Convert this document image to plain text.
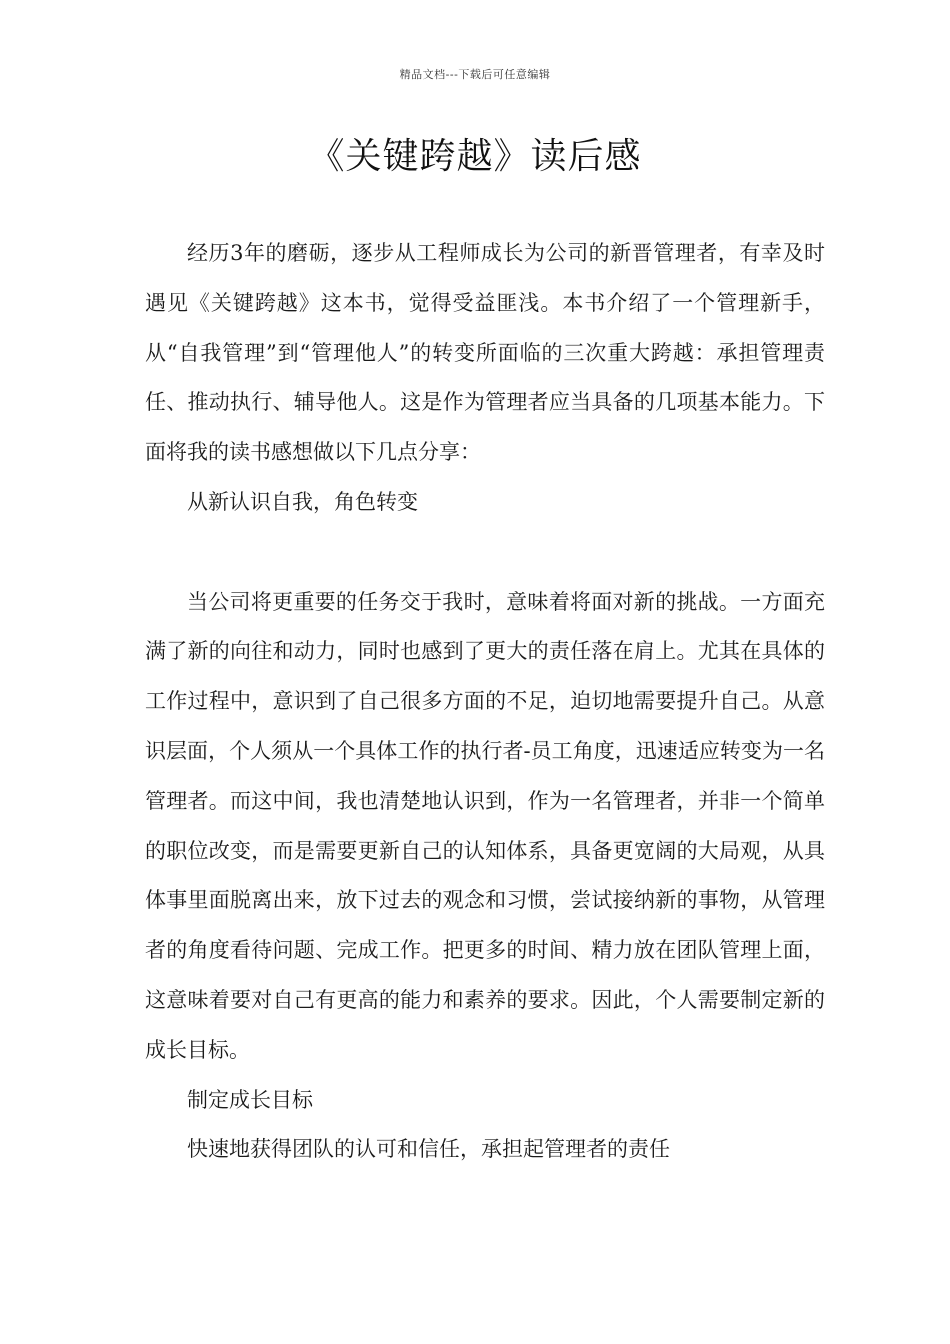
精品文档---下载后可任意编辑
《关键跨越》读后感

经历3年的磨砺，逐步从工程师成长为公司的新晋管理者，有幸及时遇见《关键跨越》这本书，觉得受益匪浅。本书介绍了一个管理新手，从“自我管理”到“管理他人”的转变所面临的三次重大跨越：承担管理责任、推动执行、辅导他人。这是作为管理者应当具备的几项基本能力。下面将我的读书感想做以下几点分享：

从新认识自我，角色转变

当公司将更重要的任务交于我时，意味着将面对新的挑战。一方面充满了新的向往和动力，同时也感到了更大的责任落在肩上。尤其在具体的工作过程中，意识到了自己很多方面的不足，迫切地需要提升自己。从意识层面，个人须从一个具体工作的执行者-员工角度，迅速适应转变为一名管理者。而这中间，我也清楚地认识到，作为一名管理者，并非一个简单的职位改变，而是需要更新自己的认知体系，具备更宽阔的大局观，从具体事里面脱离出来，放下过去的观念和习惯，尝试接纳新的事物，从管理者的角度看待问题、完成工作。把更多的时间、精力放在团队管理上面，这意味着要对自己有更高的能力和素养的要求。因此，个人需要制定新的成长目标。

制定成长目标

快速地获得团队的认可和信任，承担起管理者的责任
